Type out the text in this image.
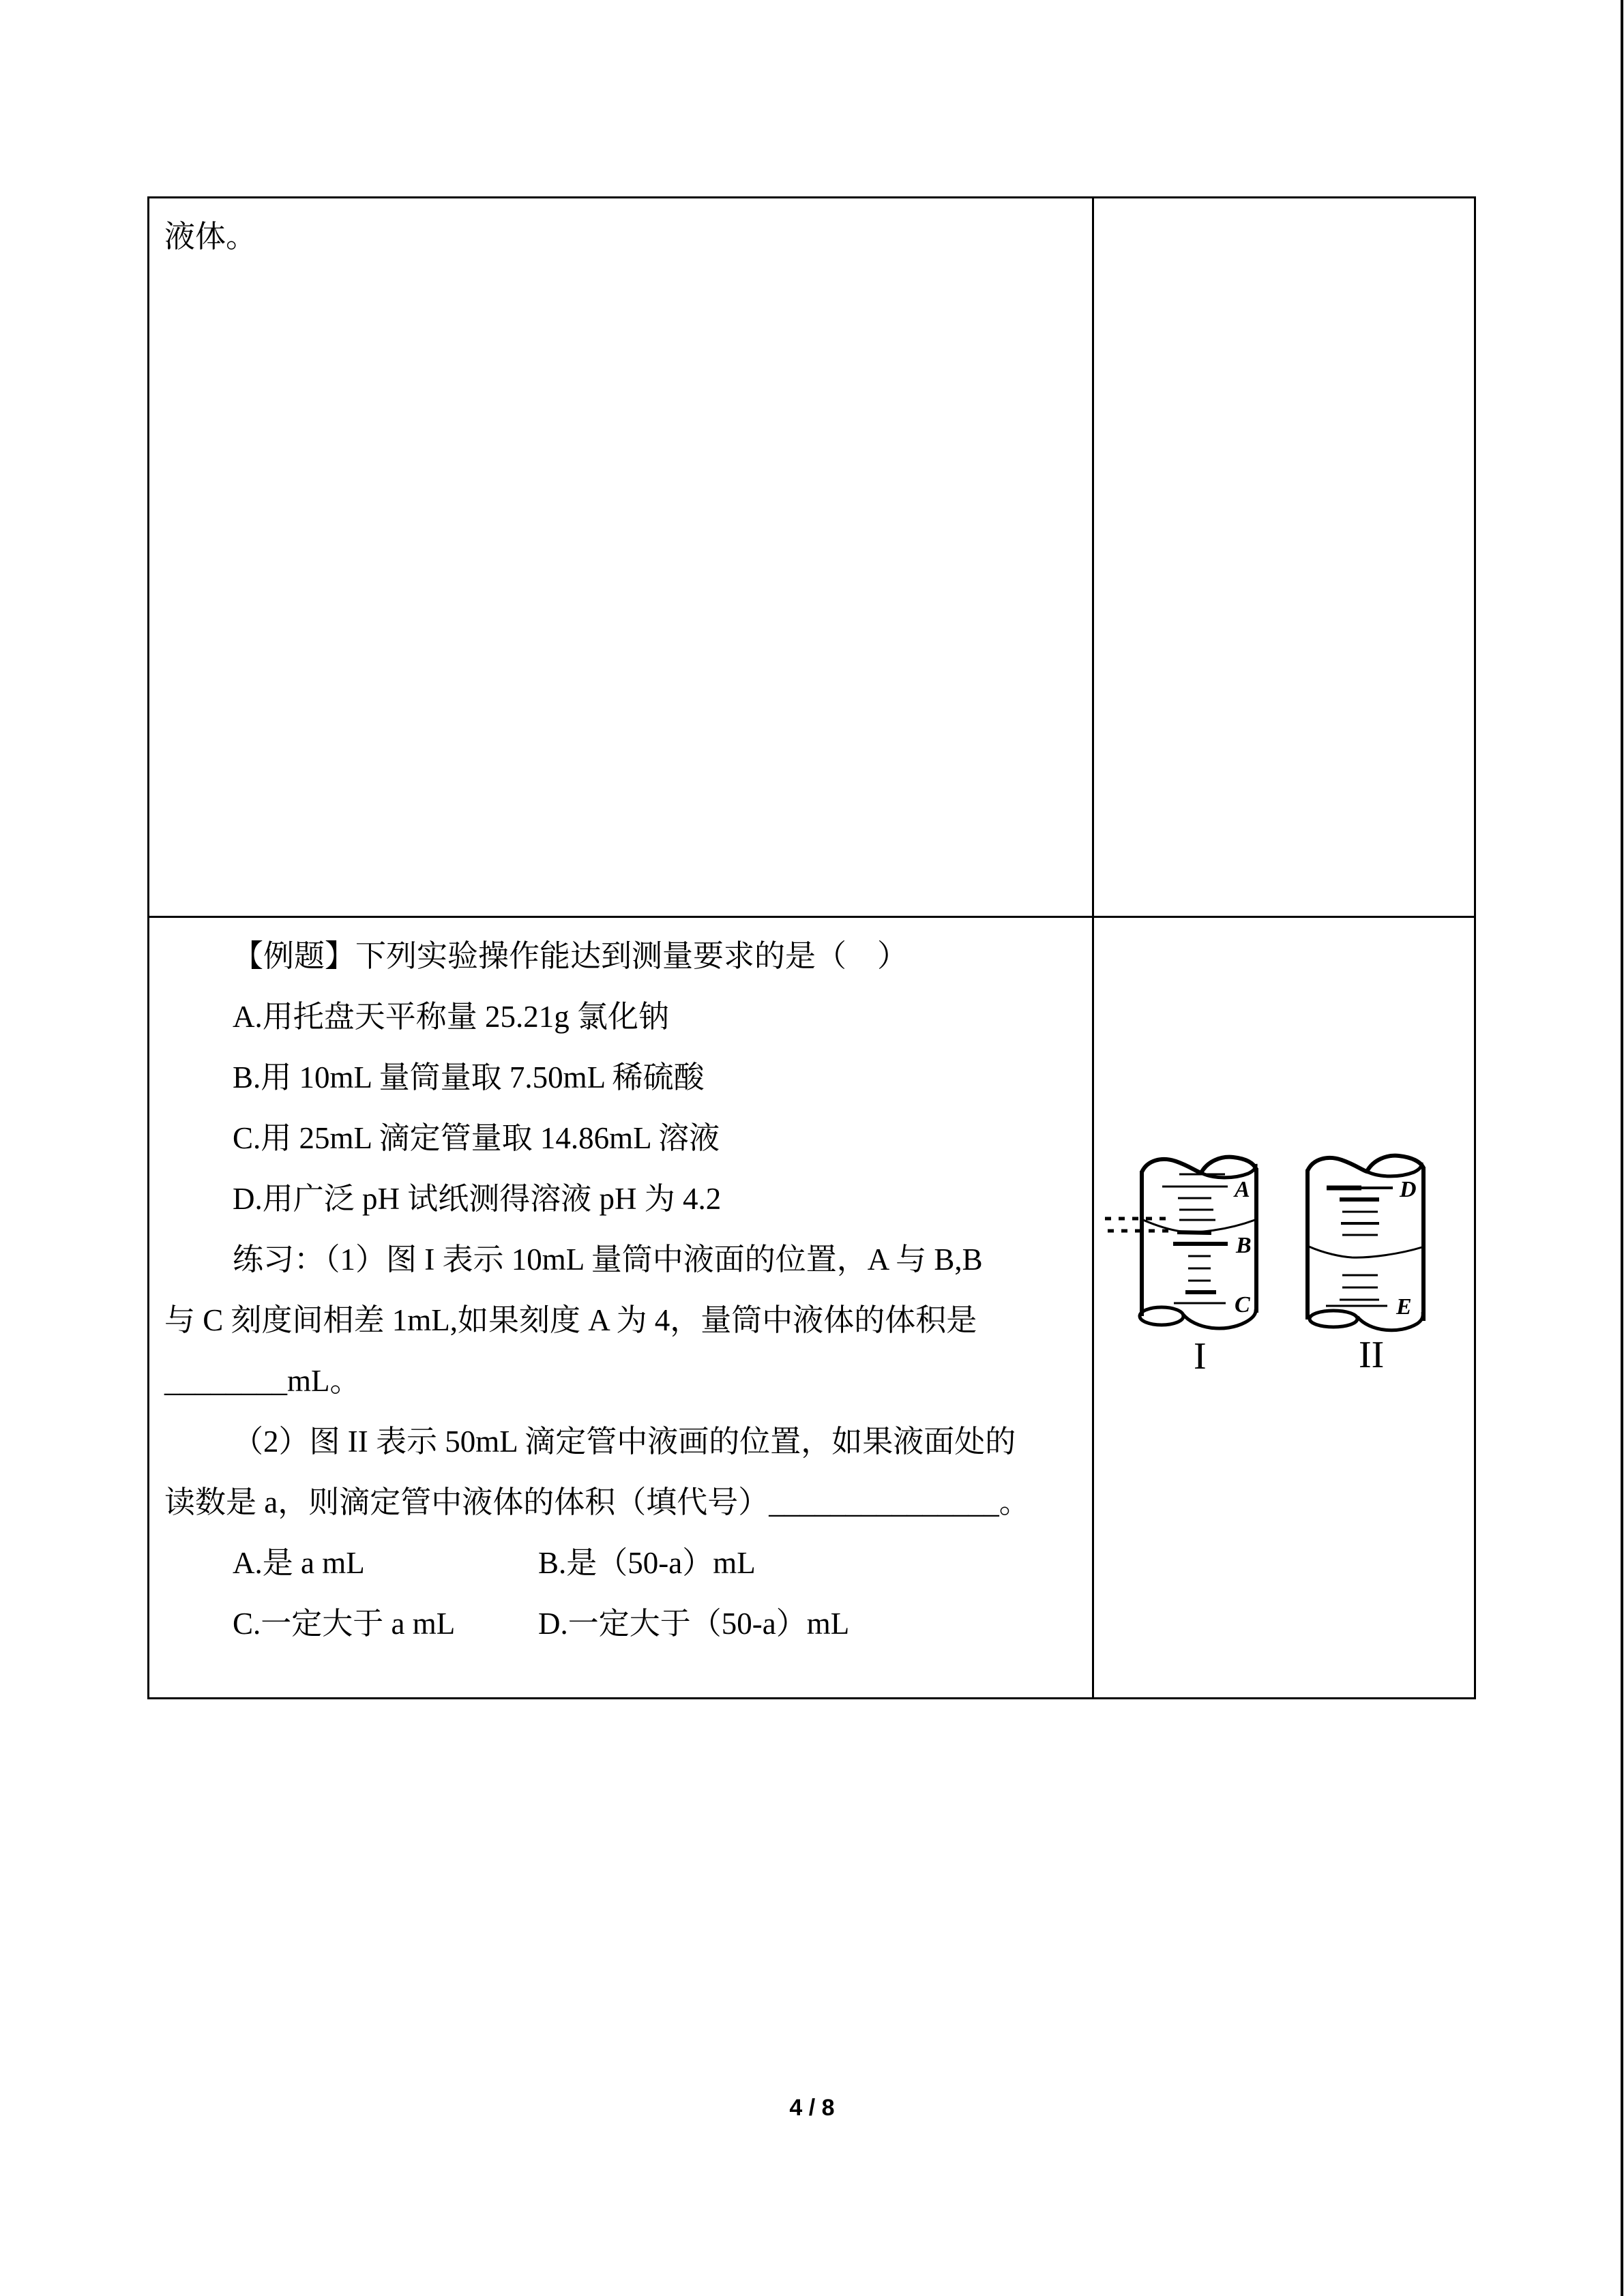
液体。
【例题】下列实验操作能达到测量要求的是（　）
A.用托盘天平称量 25.21g 氯化钠
B.用 10mL 量筒量取 7.50mL 稀硫酸
C.用 25mL 滴定管量取 14.86mL 溶液
D.用广泛 pH 试纸测得溶液 pH 为 4.2
练习：（1）图 I 表示 10mL 量筒中液面的位置，A 与 B,B
与 C 刻度间相差 1mL,如果刻度 A 为 4，量筒中液体的体积是
________mL。
（2）图 II 表示 50mL 滴定管中液画的位置，如果液面处的
读数是 a，则滴定管中液体的体积（填代号）_______________。
A.是 a mL	B.是（50-a）mL
C.一定大于 a mL	D.一定大于（50-a）mL
A
B
C
I
D
E
II
4 / 8
